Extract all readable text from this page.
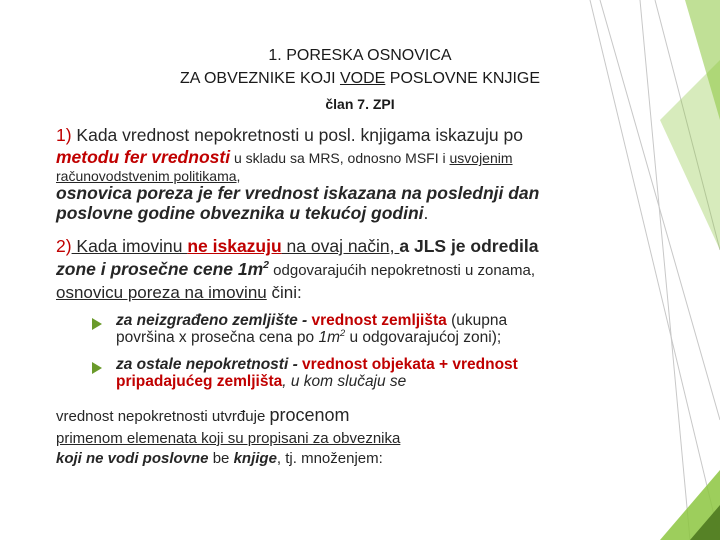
1. PORESKA OSNOVICA
ZA OBVEZNIKE KOJI VODE POSLOVNE KNJIGE
član 7. ZPI
1) Kada vrednost nepokretnosti u posl. knjigama iskazuju po
metodu fer vrednosti u skladu sa MRS, odnosno MSFI i usvojenim
računovodstvenim politikama,
osnovica poreza je fer vrednost iskazana na poslednji dan
poslovne godine obveznika u tekućoj godini.
2) Kada imovinu ne iskazuju na ovaj način, a JLS je odredila
zone i prosečne cene $1m^2$ odgovarajućih nepokretnosti u zonama,
osnovicu poreza na imovinu čini:
za neizgrađeno zemljište - vrednost zemljišta (ukupna
površina x prosečna cena po $1m^2$ u odgovarajućoj zoni);
za ostale nepokretnosti - vrednost objekata + vrednost
pripadajućeg zemljišta, u kom slučaju se
vrednost nepokretnosti utvrđuje procenom
primenom elemenata koji su propisani za obveznika
koji ne vodi poslovne be knjige, tj. množenjem:
